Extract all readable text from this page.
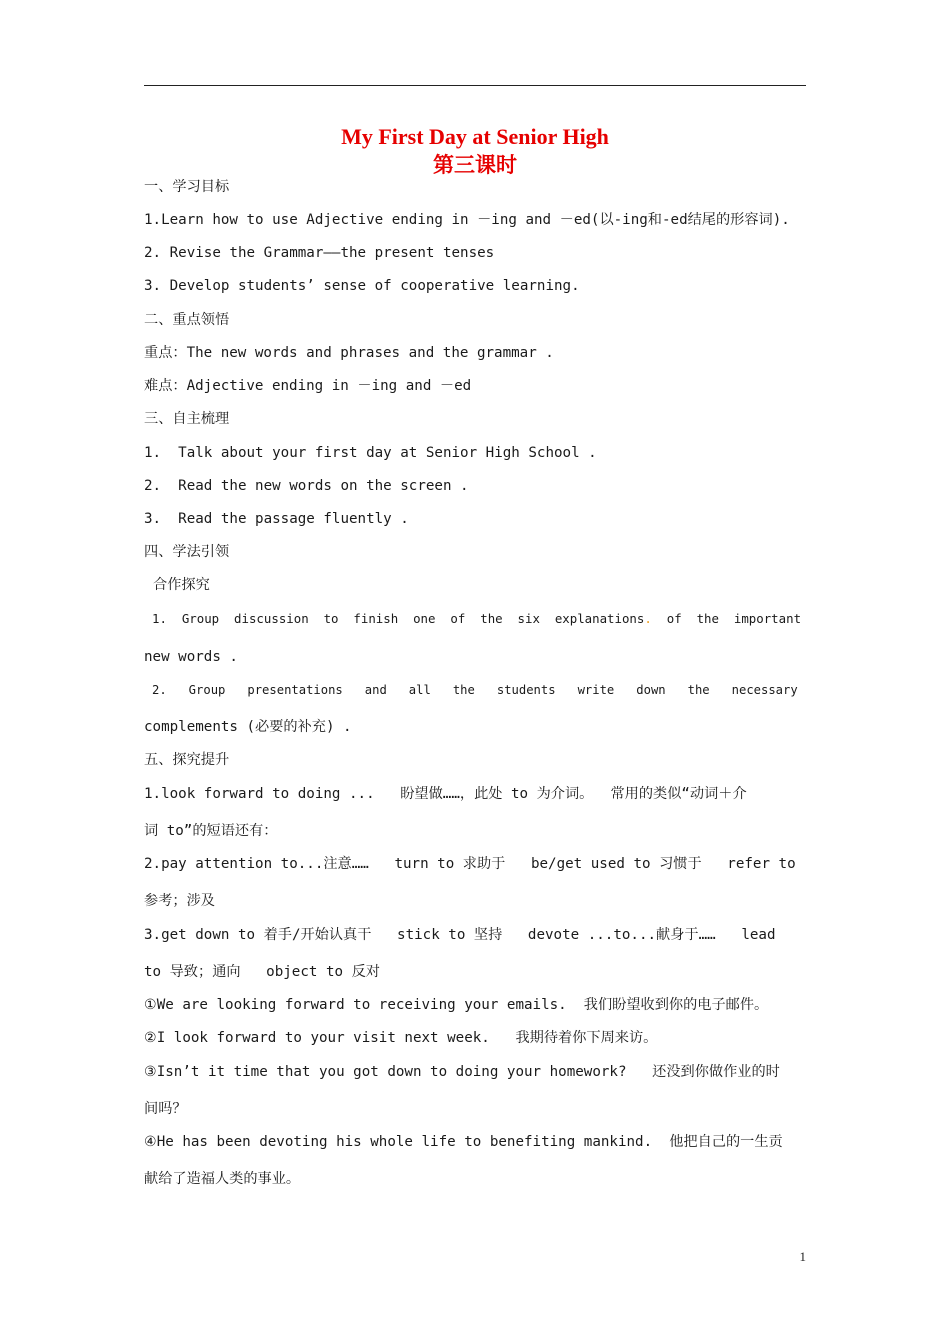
My First Day at Senior High
第三课时
一、学习目标
1.Learn how to use Adjective ending in －ing and －ed(以-ing和-ed结尾的形容词).
2. Revise the Grammar——the present tenses
3. Develop students’ sense of cooperative learning.
二、重点领悟
重点：The new words and phrases and the grammar .
难点：Adjective ending in －ing and －ed
三、自主梳理
1.  Talk about your first day at Senior High School .
2.  Read the new words on the screen .
3.  Read the passage fluently .
四、学法引领
合作探究
1.  Group  discussion  to  finish  one  of  the  six  explanations.  of  the  important
new words .
2.   Group   presentations   and   all   the   students   write   down   the   necessary
complements (必要的补充) .
五、探究提升
1.look forward to doing ...   盼望做……，此处 to 为介词。  常用的类似“动词＋介
词 to”的短语还有：
2.pay attention to...注意……   turn to 求助于   be/get used to 习惯于   refer to
参考；涉及
3.get down to 着手/开始认真干   stick to 坚持   devote ...to...献身于……   lead
to 导致；通向   object to 反对
①We are looking forward to receiving your emails.  我们盼望收到你的电子邮件。
②I look forward to your visit next week.   我期待着你下周来访。
③Isn’t it time that you got down to doing your homework?   还没到你做作业的时
间吗？
④He has been devoting his whole life to benefiting mankind.  他把自己的一生贡
献给了造福人类的事业。
1
